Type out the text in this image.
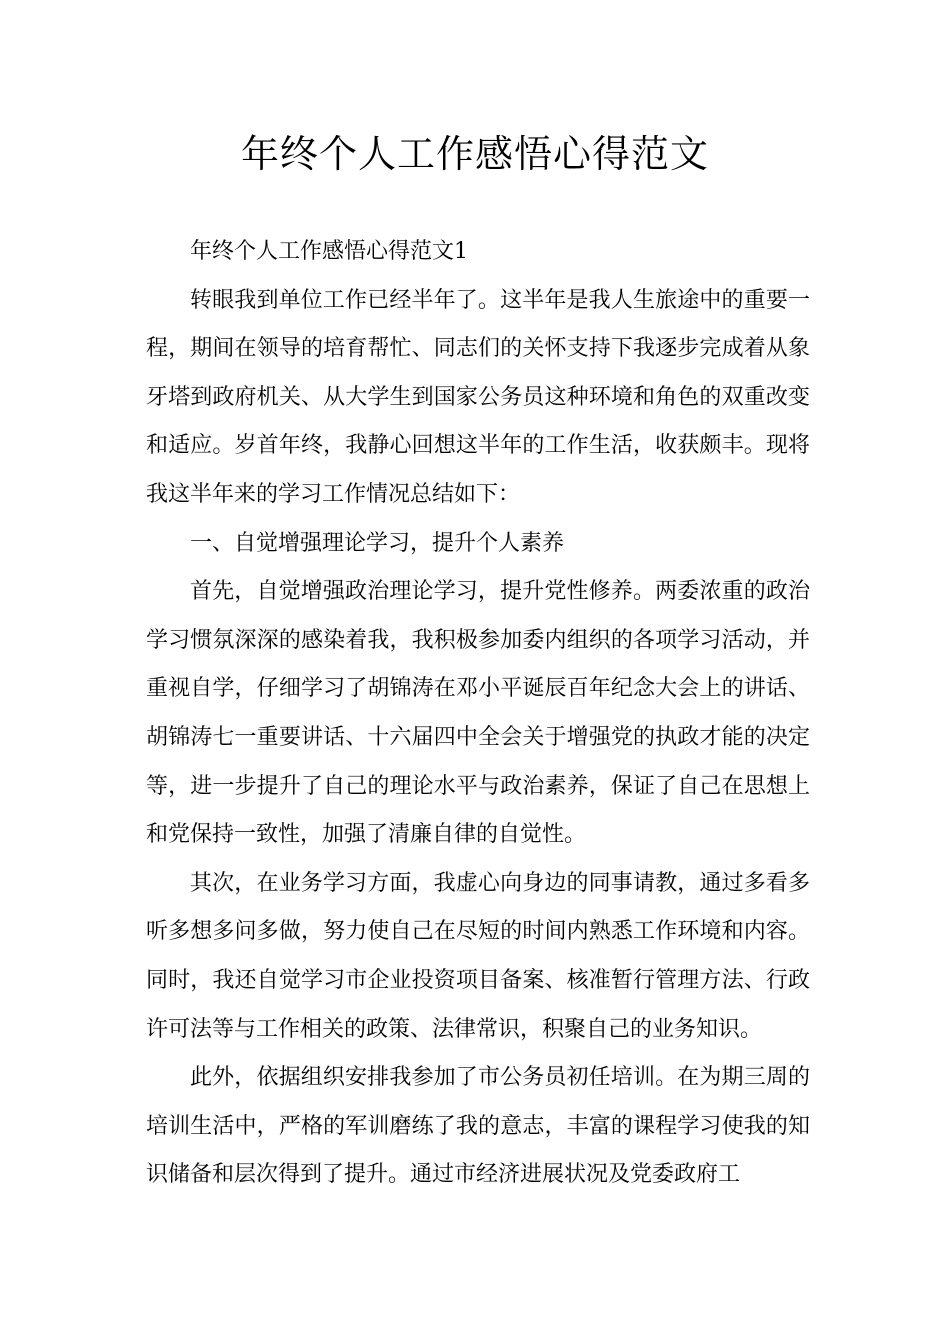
年终个人工作感悟心得范文

年终个人工作感悟心得范文1

转眼我到单位工作已经半年了。这半年是我人生旅途中的重要一程，期间在领导的培育帮忙、同志们的关怀支持下我逐步完成着从象牙塔到政府机关、从大学生到国家公务员这种环境和角色的双重改变和适应。岁首年终，我静心回想这半年的工作生活，收获颇丰。现将我这半年来的学习工作情况总结如下：

一、自觉增强理论学习，提升个人素养

首先，自觉增强政治理论学习，提升党性修养。两委浓重的政治学习惯氛深深的感染着我，我积极参加委内组织的各项学习活动，并重视自学，仔细学习了胡锦涛在邓小平诞辰百年纪念大会上的讲话、胡锦涛七一重要讲话、十六届四中全会关于增强党的执政才能的决定等，进一步提升了自己的理论水平与政治素养，保证了自己在思想上和党保持一致性，加强了清廉自律的自觉性。

其次，在业务学习方面，我虚心向身边的同事请教，通过多看多听多想多问多做，努力使自己在尽短的时间内熟悉工作环境和内容。同时，我还自觉学习市企业投资项目备案、核准暂行管理方法、行政许可法等与工作相关的政策、法律常识，积聚自己的业务知识。

此外，依据组织安排我参加了市公务员初任培训。在为期三周的培训生活中，严格的军训磨练了我的意志，丰富的课程学习使我的知识储备和层次得到了提升。通过市经济进展状况及党委政府工
